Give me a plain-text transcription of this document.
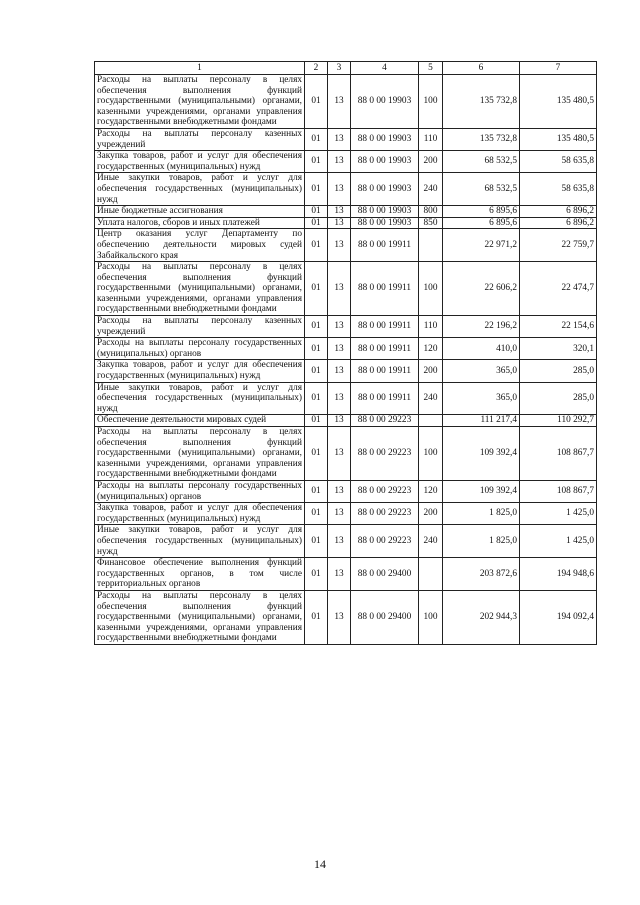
1	2	3	4	5	6	7
Расходы на выплаты персоналу в целях обеспечения выполнения функций государственными (муниципальными) органами, казенными учреждениями, органами управления государственными внебюджетными фондами	01	13	88 0 00 19903	100	135 732,8	135 480,5
Расходы на выплаты персоналу казенных учреждений	01	13	88 0 00 19903	110	135 732,8	135 480,5
Закупка товаров, работ и услуг для обеспечения государственных (муниципальных) нужд	01	13	88 0 00 19903	200	68 532,5	58 635,8
Иные закупки товаров, работ и услуг для обеспечения государственных (муниципальных) нужд	01	13	88 0 00 19903	240	68 532,5	58 635,8
Иные бюджетные ассигнования	01	13	88 0 00 19903	800	6 895,6	6 896,2
Уплата налогов, сборов и иных платежей	01	13	88 0 00 19903	850	6 895,6	6 896,2
Центр оказания услуг Департаменту по обеспечению деятельности мировых судей Забайкальского края	01	13	88 0 00 19911		22 971,2	22 759,7
Расходы на выплаты персоналу в целях обеспечения выполнения функций государственными (муниципальными) органами, казенными учреждениями, органами управления государственными внебюджетными фондами	01	13	88 0 00 19911	100	22 606,2	22 474,7
Расходы на выплаты персоналу казенных учреждений	01	13	88 0 00 19911	110	22 196,2	22 154,6
Расходы на выплаты персоналу государственных (муниципальных) органов	01	13	88 0 00 19911	120	410,0	320,1
Закупка товаров, работ и услуг для обеспечения государственных (муниципальных) нужд	01	13	88 0 00 19911	200	365,0	285,0
Иные закупки товаров, работ и услуг для обеспечения государственных (муниципальных) нужд	01	13	88 0 00 19911	240	365,0	285,0
Обеспечение деятельности мировых судей	01	13	88 0 00 29223		111 217,4	110 292,7
Расходы на выплаты персоналу в целях обеспечения выполнения функций государственными (муниципальными) органами, казенными учреждениями, органами управления государственными внебюджетными фондами	01	13	88 0 00 29223	100	109 392,4	108 867,7
Расходы на выплаты персоналу государственных (муниципальных) органов	01	13	88 0 00 29223	120	109 392,4	108 867,7
Закупка товаров, работ и услуг для обеспечения государственных (муниципальных) нужд	01	13	88 0 00 29223	200	1 825,0	1 425,0
Иные закупки товаров, работ и услуг для обеспечения государственных (муниципальных) нужд	01	13	88 0 00 29223	240	1 825,0	1 425,0
Финансовое обеспечение выполнения функций государственных органов, в том числе территориальных органов	01	13	88 0 00 29400		203 872,6	194 948,6
Расходы на выплаты персоналу в целях обеспечения выполнения функций государственными (муниципальными) органами, казенными учреждениями, органами управления государственными внебюджетными фондами	01	13	88 0 00 29400	100	202 944,3	194 092,4
14
